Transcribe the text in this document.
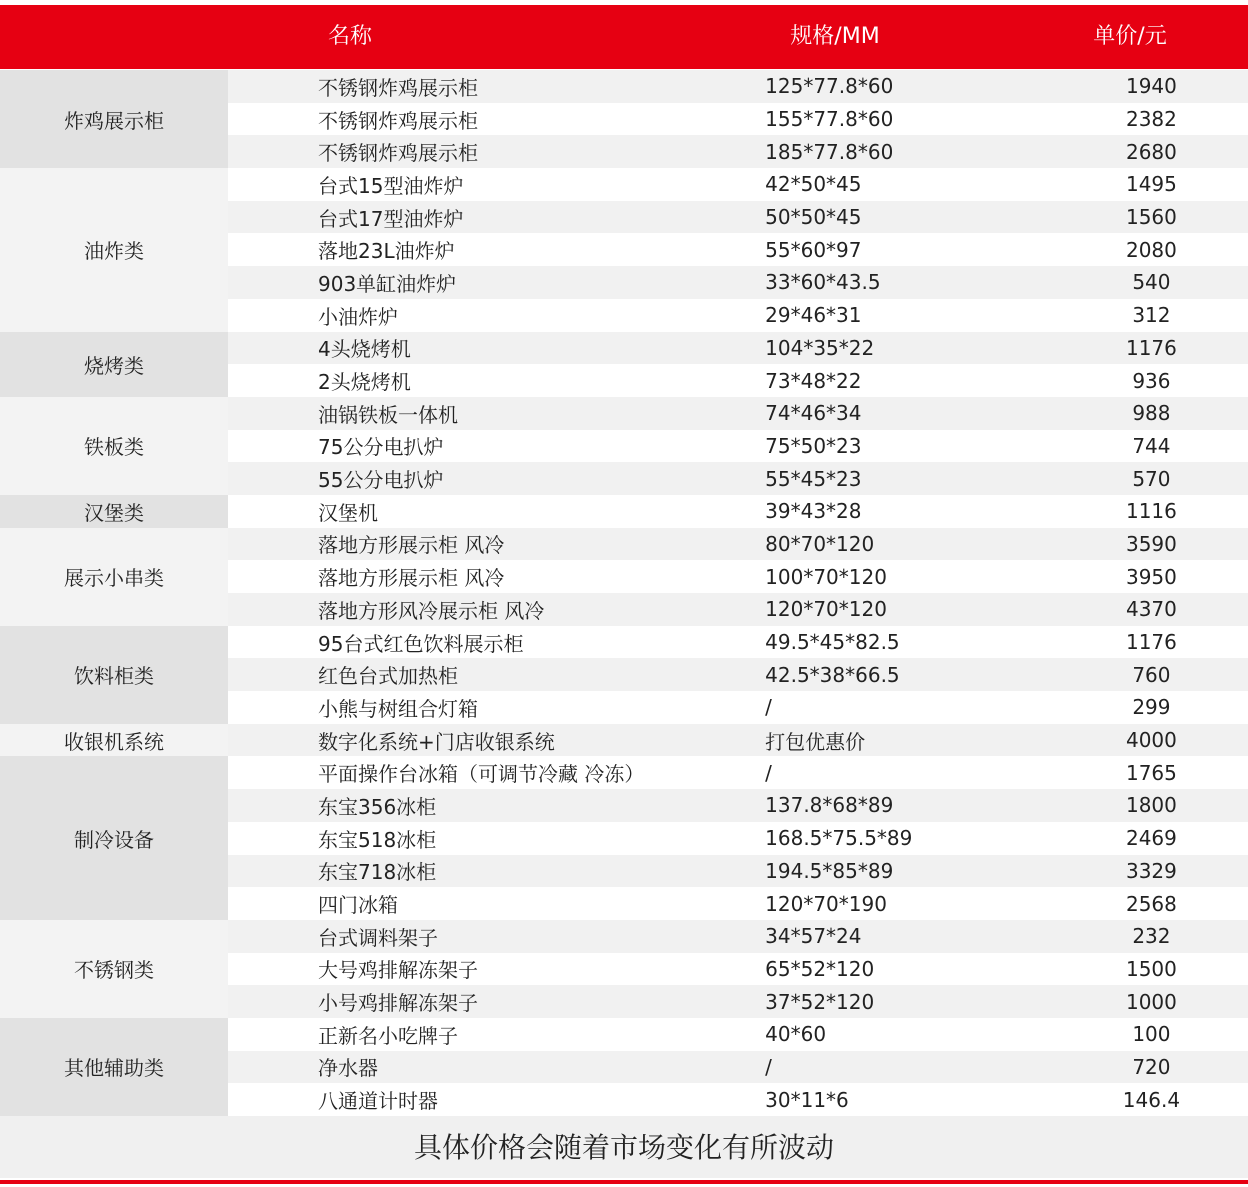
名称	规格/MM	单价/元
炸鸡展示柜
不锈钢炸鸡展示柜	125*77.8*60	1940
不锈钢炸鸡展示柜	155*77.8*60	2382
不锈钢炸鸡展示柜	185*77.8*60	2680
油炸类
台式15型油炸炉	42*50*45	1495
台式17型油炸炉	50*50*45	1560
落地23L油炸炉	55*60*97	2080
903单缸油炸炉	33*60*43.5	540
小油炸炉	29*46*31	312
烧烤类
4头烧烤机	104*35*22	1176
2头烧烤机	73*48*22	936
铁板类
油锅铁板一体机	74*46*34	988
75公分电扒炉	75*50*23	744
55公分电扒炉	55*45*23	570
汉堡类	汉堡机	39*43*28	1116
展示小串类
落地方形展示柜 风冷	80*70*120	3590
落地方形展示柜 风冷	100*70*120	3950
落地方形风冷展示柜 风冷	120*70*120	4370
饮料柜类
95台式红色饮料展示柜	49.5*45*82.5	1176
红色台式加热柜	42.5*38*66.5	760
小熊与树组合灯箱	/	299
收银机系统	数字化系统+门店收银系统	打包优惠价	4000
制冷设备
平面操作台冰箱（可调节冷藏 冷冻）	/	1765
东宝356冰柜	137.8*68*89	1800
东宝518冰柜	168.5*75.5*89	2469
东宝718冰柜	194.5*85*89	3329
四门冰箱	120*70*190	2568
不锈钢类
台式调料架子	34*57*24	232
大号鸡排解冻架子	65*52*120	1500
小号鸡排解冻架子	37*52*120	1000
其他辅助类
正新名小吃牌子	40*60	100
净水器	/	720
八通道计时器	30*11*6	146.4
具体价格会随着市场变化有所波动
